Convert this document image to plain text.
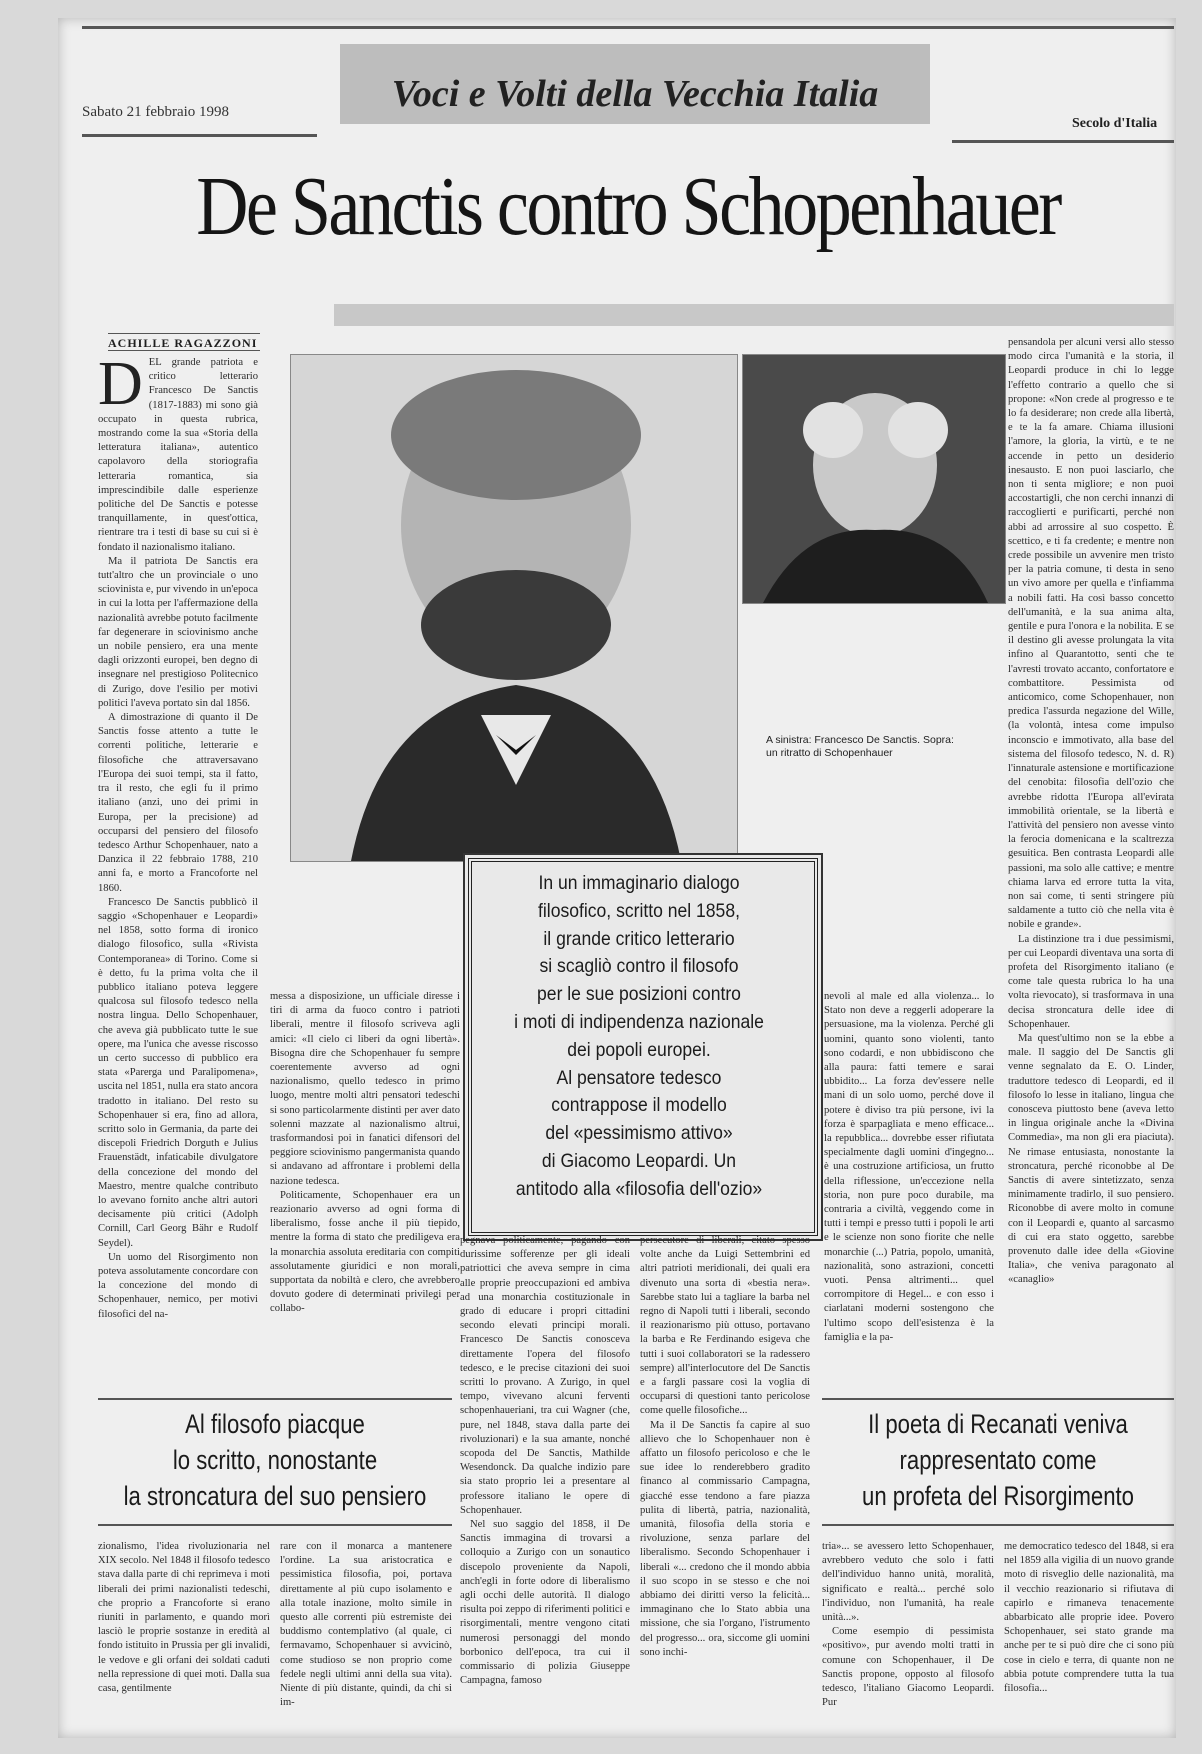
Voci e Volti della Vecchia Italia
Sabato 21 febbraio 1998
Secolo d'Italia
De Sanctis contro Schopenhauer
ACHILLE RAGAZZONI
D EL grande patriota e critico letterario Francesco De Sanctis (1817-1883) mi sono già occupato in questa rubrica, mostrando come la sua «Storia della letteratura italiana», autentico capolavoro della storiografia letteraria romantica, sia imprescindibile dalle esperienze politiche del De Sanctis e potesse tranquillamente, in quest'ottica, rientrare tra i testi di base su cui si è fondato il nazionalismo italiano.

Ma il patriota De Sanctis era tutt'altro che un provinciale o uno sciovinista e, pur vivendo in un'epoca in cui la lotta per l'affermazione della nazionalità avrebbe potuto facilmente far degenerare in sciovinismo anche un nobile pensiero, era una mente dagli orizzonti europei, ben degno di insegnare nel prestigioso Politecnico di Zurigo, dove l'esilio per motivi politici l'aveva portato sin dal 1856.

A dimostrazione di quanto il De Sanctis fosse attento a tutte le correnti politiche, letterarie e filosofiche che attraversavano l'Europa dei suoi tempi, sta il fatto, tra il resto, che egli fu il primo italiano (anzi, uno dei primi in Europa, per la precisione) ad occuparsi del pensiero del filosofo tedesco Arthur Schopenhauer, nato a Danzica il 22 febbraio 1788, 210 anni fa, e morto a Francoforte nel 1860.

Francesco De Sanctis pubblicò il saggio «Schopenhauer e Leopardi» nel 1858, sotto forma di ironico dialogo filosofico, sulla «Rivista Contemporanea» di Torino. Come si è detto, fu la prima volta che il pubblico italiano poteva leggere qualcosa sul filosofo tedesco nella nostra lingua. Dello Schopenhauer, che aveva già pubblicato tutte le sue opere, ma l'unica che avesse riscosso un certo successo di pubblico era stata «Parerga und Paralipomena», uscita nel 1851, nulla era stato ancora tradotto in italiano. Del resto su Schopenhauer si era, fino ad allora, scritto solo in Germania, da parte dei discepoli Friedrich Dorguth e Julius Frauenstädt, infaticabile divulgatore della concezione del mondo del Maestro, mentre qualche contributo lo avevano fornito anche altri autori decisamente più critici (Adolph Cornill, Carl Georg Bähr e Rudolf Seydel).

Un uomo del Risorgimento non poteva assolutamente concordare con la concezione del mondo di Schopenhauer, nemico, per motivi filosofici del na-

A sinistra: Francesco De Sanctis. Sopra: un ritratto di Schopenhauer
In un immaginario dialogo
filosofico, scritto nel 1858,
il grande critico letterario
si scagliò contro il filosofo
per le sue posizioni contro
i moti di indipendenza nazionale
dei popoli europei.
Al pensatore tedesco
contrappose il modello
del «pessimismo attivo»
di Giacomo Leopardi. Un
antitodo alla «filosofia dell'ozio»

messa a disposizione, un ufficiale diresse i tiri di arma da fuoco contro i patrioti liberali, mentre il filosofo scriveva agli amici: «Il cielo ci liberi da ogni libertà». Bisogna dire che Schopenhauer fu sempre coerentemente avverso ad ogni nazionalismo, quello tedesco in primo luogo, mentre molti altri pensatori tedeschi si sono particolarmente distinti per aver dato solenni mazzate al nazionalismo altrui, trasformandosi poi in fanatici difensori del peggiore sciovinismo pangermanista quando si andavano ad affrontare i problemi della nazione tedesca.

Politicamente, Schopenhauer era un reazionario avverso ad ogni forma di liberalismo, fosse anche il più tiepido, mentre la forma di stato che prediligeva era la monarchia assoluta ereditaria con compiti assolutamente giuridici e non morali, supportata da nobiltà e clero, che avrebbero dovuto godere di determinati privilegi per collabo-

pegnava politicamente, pagando con durissime sofferenze per gli ideali patriottici che aveva sempre in cima alle proprie preoccupazioni ed ambiva ad una monarchia costituzionale in grado di educare i propri cittadini secondo elevati principi morali. Francesco De Sanctis conosceva direttamente l'opera del filosofo tedesco, e le precise citazioni dei suoi scritti lo provano. A Zurigo, in quel tempo, vivevano alcuni ferventi schopenhaueriani, tra cui Wagner (che, pure, nel 1848, stava dalla parte dei rivoluzionari) e la sua amante, nonché scopoda del De Sanctis, Mathilde Wesendonck. Da qualche indizio pare sia stato proprio lei a presentare al professore italiano le opere di Schopenhauer.

Nel suo saggio del 1858, il De Sanctis immagina di trovarsi a colloquio a Zurigo con un sonautico discepolo proveniente da Napoli, anch'egli in forte odore di liberalismo agli occhi delle autorità. Il dialogo risulta poi zeppo di riferimenti politici e risorgimentali, mentre vengono citati numerosi personaggi del mondo borbonico dell'epoca, tra cui il commissario di polizia Giuseppe Campagna, famoso

nevoli al male ed alla violenza... lo Stato non deve a reggerli adoperare la persuasione, ma la violenza. Perché gli uomini, quanto sono violenti, tanto sono codardi, e non ubbidiscono che alla paura: fatti temere e sarai ubbidito... La forza dev'essere nelle mani di un solo uomo, perché dove il potere è diviso tra più persone, ivi la forza è sparpagliata e meno efficace... la repubblica... dovrebbe esser rifiutata specialmente dagli uomini d'ingegno... è una costruzione artificiosa, un frutto della riflessione, un'eccezione nella storia, non pure poco durabile, ma contraria a civiltà, veggendo come in tutti i tempi e presso tutti i popoli le arti e le scienze non sono fiorite che nelle monarchie (...) Patria, popolo, umanità, nazionalità, sono astrazioni, concetti vuoti. Pensa altrimenti... quel corrompitore di Hegel... e con esso i ciarlatani moderni sostengono che l'ultimo scopo dell'esistenza è la famiglia e la pa-

persecutore di liberali, citato spesso volte anche da Luigi Settembrini ed altri patrioti meridionali, dei quali era divenuto una sorta di «bestia nera». Sarebbe stato lui a tagliare la barba nel regno di Napoli tutti i liberali, secondo il reazionarismo più ottuso, portavano la barba e Re Ferdinando esigeva che tutti i suoi collaboratori se la radessero sempre) all'interlocutore del De Sanctis e a fargli passare così la voglia di occuparsi di questioni tanto pericolose come quelle filosofiche...

Ma il De Sanctis fa capire al suo allievo che lo Schopenhauer non è affatto un filosofo pericoloso e che le sue idee lo renderebbero gradito financo al commissario Campagna, giacché esse tendono a fare piazza pulita di libertà, patria, nazionalità, umanità, filosofia della storia e rivoluzione, senza parlare del liberalismo. Secondo Schopenhauer i liberali «... credono che il mondo abbia il suo scopo in se stesso e che noi abbiamo dei diritti verso la felicità... immaginano che lo Stato abbia una missione, che sia l'organo, l'istrumento del progresso... ora, siccome gli uomini sono inchi-

pensandola per alcuni versi allo stesso modo circa l'umanità e la storia, il Leopardi produce in chi lo legge l'effetto contrario a quello che si propone: «Non crede al progresso e te lo fa desiderare; non crede alla libertà, e te la fa amare. Chiama illusioni l'amore, la gloria, la virtù, e te ne accende in petto un desiderio inesausto. E non puoi lasciarlo, che non ti senta migliore; e non puoi accostartigli, che non cerchi innanzi di raccoglierti e purificarti, perché non abbi ad arrossire al suo cospetto. È scettico, e ti fa credente; e mentre non crede possibile un avvenire men tristo per la patria comune, ti desta in seno un vivo amore per quella e t'infiamma a nobili fatti. Ha così basso concetto dell'umanità, e la sua anima alta, gentile e pura l'onora e la nobilita. E se il destino gli avesse prolungata la vita infino al Quarantotto, senti che te l'avresti trovato accanto, confortatore e combattitore. Pessimista od anticomico, come Schopenhauer, non predica l'assurda negazione del Wille, (la volontà, intesa come impulso inconscio e immotivato, alla base del sistema del filosofo tedesco, N. d. R) l'innaturale astensione e mortificazione del cenobita: filosofia dell'ozio che avrebbe ridotta l'Europa all'evirata immobilità orientale, se la libertà e l'attività del pensiero non avesse vinto la ferocia domenicana e la scaltrezza gesuitica. Ben contrasta Leopardi alle passioni, ma solo alle cattive; e mentre chiama larva ed errore tutta la vita, non sai come, ti senti stringere più saldamente a tutto ciò che nella vita è nobile e grande».

La distinzione tra i due pessimismi, per cui Leopardi diventava una sorta di profeta del Risorgimento italiano (e come tale questa rubrica lo ha una volta rievocato), si trasformava in una decisa stroncatura delle idee di Schopenhauer.

Ma quest'ultimo non se la ebbe a male. Il saggio del De Sanctis gli venne segnalato da E. O. Linder, traduttore tedesco di Leopardi, ed il filosofo lo lesse in italiano, lingua che conosceva piuttosto bene (aveva letto in lingua originale anche la «Divina Commedia», ma non gli era piaciuta). Ne rimase entusiasta, nonostante la stroncatura, perché riconobbe al De Sanctis di avere sintetizzato, senza minimamente tradirlo, il suo pensiero. Riconobbe di avere molto in comune con il Leopardi e, quanto al sarcasmo di cui era stato oggetto, sarebbe provenuto dalle idee della «Giovine Italia», che veniva paragonato al «canaglio»

Al filosofo piacque
lo scritto, nonostante
la stroncatura del suo pensiero
Il poeta di Recanati veniva
rappresentato come
un profeta del Risorgimento

zionalismo, l'idea rivoluzionaria nel XIX secolo. Nel 1848 il filosofo tedesco stava dalla parte di chi reprimeva i moti liberali dei primi nazionalisti tedeschi, che proprio a Francoforte si erano riuniti in parlamento, e quando morì lasciò le proprie sostanze in eredità al fondo istituito in Prussia per gli invalidi, le vedove e gli orfani dei soldati caduti nella repressione di quei moti. Dalla sua casa, gentilmente

rare con il monarca a mantenere l'ordine. La sua aristocratica e pessimistica filosofia, poi, portava direttamente al più cupo isolamento e alla totale inazione, molto simile in questo alle correnti più estremiste dei buddismo contemplativo (al quale, ci fermavamo, Schopenhauer si avvicinò, come studioso se non proprio come fedele negli ultimi anni della sua vita). Niente di più distante, quindi, da chi si im-

tria»... se avessero letto Schopenhauer, avrebbero veduto che solo i fatti dell'individuo hanno unità, moralità, significato e realtà... perché solo l'individuo, non l'umanità, ha reale unità...».

Come esempio di pessimista «positivo», pur avendo molti tratti in comune con Schopenhauer, il De Sanctis propone, opposto al filosofo tedesco, l'italiano Giacomo Leopardi. Pur

me democratico tedesco del 1848, si era nel 1859 alla vigilia di un nuovo grande moto di risveglio delle nazionalità, ma il vecchio reazionario si rifiutava di capirlo e rimaneva tenacemente abbarbicato alle proprie idee. Povero Schopenhauer, sei stato grande ma anche per te si può dire che ci sono più cose in cielo e terra, di quante non ne abbia potute comprendere tutta la tua filosofia...
